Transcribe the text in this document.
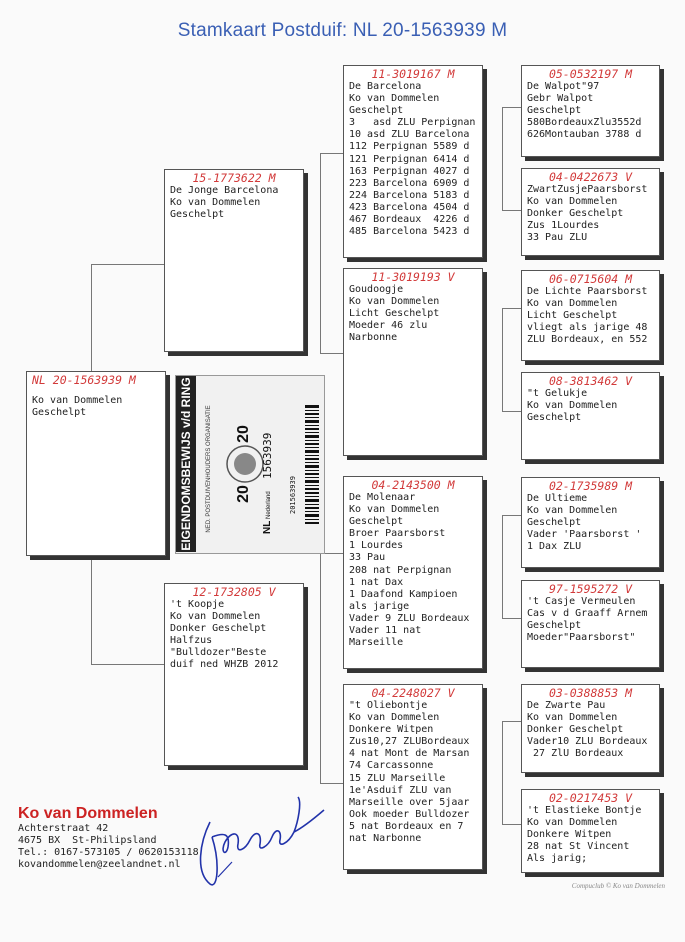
Stamkaart Postduif: NL 20-1563939 M
NL 20-1563939 M
Ko van Dommelen
Geschelpt	EIGENDOMSBEWIJS v/d RING NED. POSTDUIVENHOUDERS ORGANISATIE 20
20
NL
Nederland
1563939
201563939
15-1773622 M
De Jonge Barcelona
Ko van Dommelen
Geschelpt
12-1732805 V
't Koopje
Ko van Dommelen
Donker Geschelpt
Halfzus
"Bulldozer"Beste
duif ned WHZB 2012
11-3019167 M
De Barcelona
Ko van Dommelen
Geschelpt
3   asd ZLU Perpignan
10 asd ZLU Barcelona
112 Perpignan 5589 d
121 Perpignan 6414 d
163 Perpignan 4027 d
223 Barcelona 6909 d
224 Barcelona 5183 d
423 Barcelona 4504 d
467 Bordeaux  4226 d
485 Barcelona 5423 d
11-3019193 V
Goudoogje
Ko van Dommelen
Licht Geschelpt
Moeder 46 zlu
Narbonne
04-2143500 M
De Molenaar
Ko van Dommelen
Geschelpt
Broer Paarsborst
1 Lourdes
33 Pau
208 nat Perpignan
1 nat Dax
1 Daafond Kampioen
als jarige
Vader 9 ZLU Bordeaux
Vader 11 nat
Marseille
04-2248027 V
"t Oliebontje
Ko van Dommelen
Donkere Witpen
Zus10,27 ZLUBordeaux
4 nat Mont de Marsan
74 Carcassonne
15 ZLU Marseille
1e'Asduif ZLU van
Marseille over 5jaar
Ook moeder Bulldozer
5 nat Bordeaux en 7
nat Narbonne
05-0532197 M
De Walpot"97
Gebr Walpot
Geschelpt
580BordeauxZlu3552d
626Montauban 3788 d
04-0422673 V
ZwartZusjePaarsborst
Ko van Dommelen
Donker Geschelpt
Zus 1Lourdes
33 Pau ZLU
06-0715604 M
De Lichte Paarsborst
Ko van Dommelen
Licht Geschelpt
vliegt als jarige 48
ZLU Bordeaux, en 552
08-3813462 V
"t Gelukje
Ko van Dommelen
Geschelpt
02-1735989 M
De Ultieme
Ko van Dommelen
Geschelpt
Vader 'Paarsborst '
1 Dax ZLU
97-1595272 V
't Casje Vermeulen
Cas v d Graaff Arnem
Geschelpt
Moeder"Paarsborst"
03-0388853 M
De Zwarte Pau
Ko van Dommelen
Donker Geschelpt
Vader10 ZLU Bordeaux
27 ZlU Bordeaux
02-0217453 V
't Elastieke Bontje
Ko van Dommelen
Donkere Witpen
28 nat St Vincent
Als jarig;
Ko van Dommelen
Achterstraat 42
4675 BX  St-Philipsland
Tel.: 0167-573105 / 0620153118
kovandommelen@zeelandnet.nl
Compuclub © Ko van Dommelen
